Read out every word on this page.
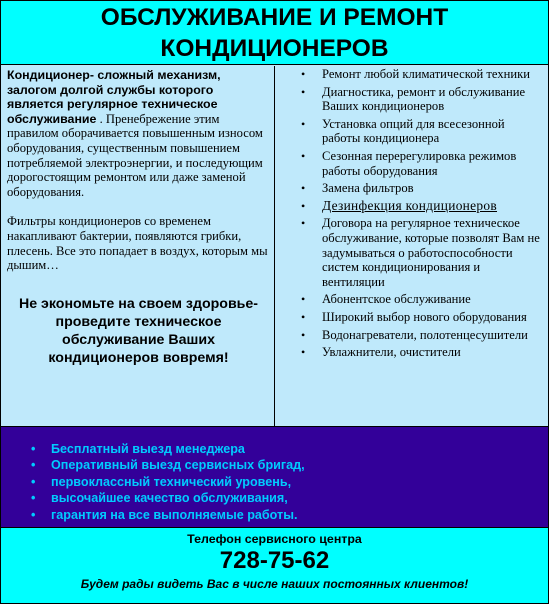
ОБСЛУЖИВАНИЕ И РЕМОНТ
КОНДИЦИОНЕРОВ

Кондиционер- сложный механизм, залогом долгой службы которого является регулярное техническое обслуживание . Пренебрежение этим правилом оборачивается повышенным износом оборудования, существенным повышением потребляемой электроэнергии, и последующим дорогостоящим ремонтом или даже заменой оборудования.

Фильтры кондиционеров со временем накапливают бактерии, появляются грибки, плесень. Все это попадает в воздух, которым мы дышим…

Не экономьте на своем здоровье- проведите техническое обслуживание Ваших кондиционеров вовремя!
• Ремонт любой климатической техники
• Диагностика, ремонт и обслуживание Ваших кондиционеров
• Установка опций для всесезонной работы кондиционера
• Сезонная перерегулировка режимов работы оборудования
• Замена фильтров
• Дезинфекция кондиционеров
• Договора на регулярное техническое обслуживание, которые позволят Вам не задумываться о работоспособности систем кондиционирования и вентиляции
• Абонентское обслуживание
• Широкий выбор нового оборудования
• Водонагреватели, полотенцесушители
• Увлажнители, очистители
• Бесплатный выезд менеджера
• Оперативный выезд сервисных бригад,
• первоклассный технический уровень,
• высочайшее качество обслуживания,
• гарантия на все выполняемые работы.
Телефон сервисного центра
728-75-62
Будем рады видеть Вас в числе наших постоянных клиентов!
